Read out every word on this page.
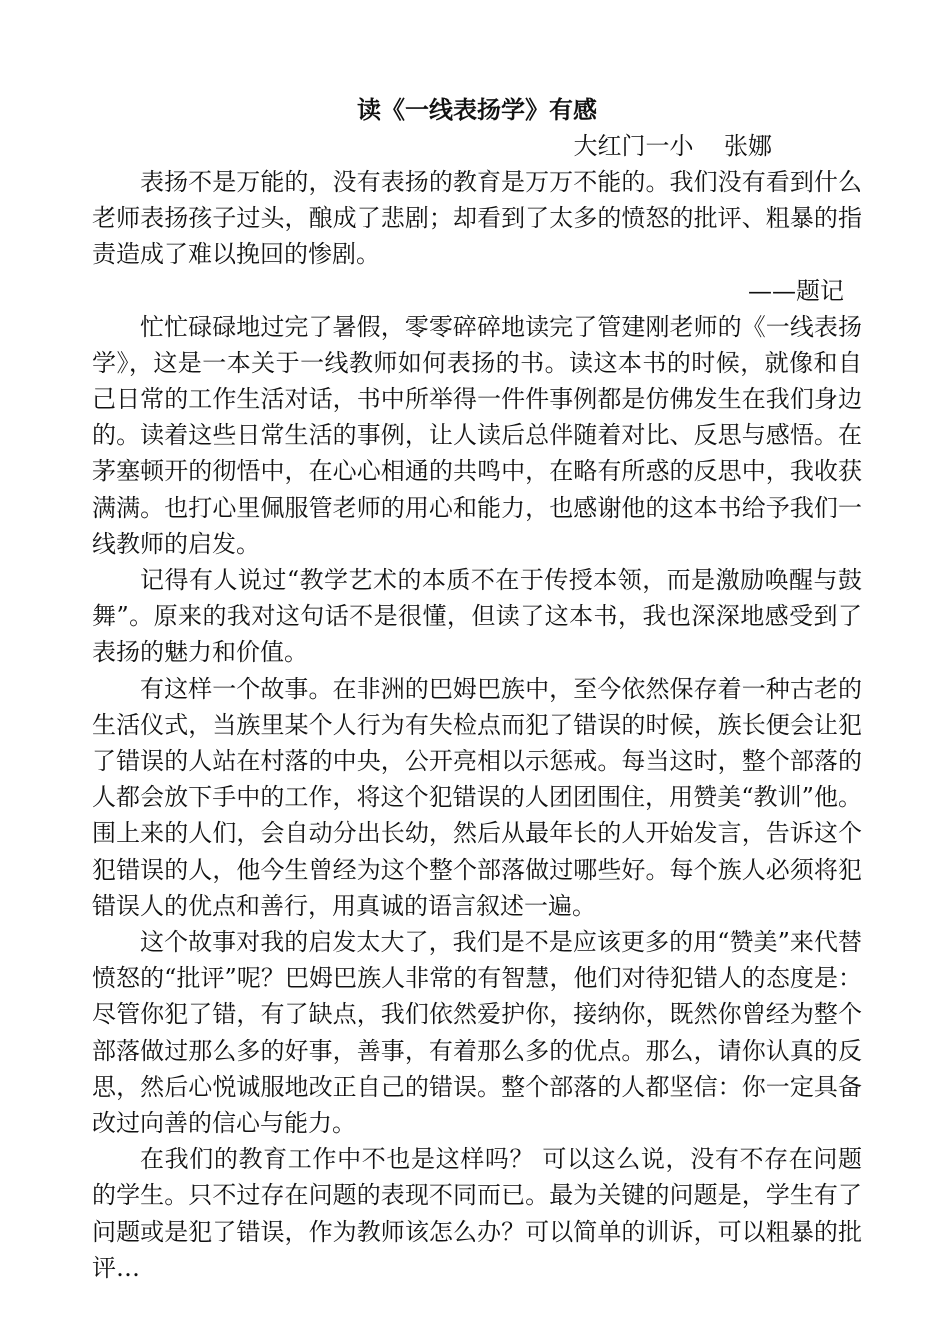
读《一线表扬学》有感

大红门一小    张娜

表扬不是万能的，没有表扬的教育是万万不能的。我们没有看到什么老师表扬孩子过头，酿成了悲剧；却看到了太多的愤怒的批评、粗暴的指责造成了难以挽回的惨剧。

——题记

忙忙碌碌地过完了暑假，零零碎碎地读完了管建刚老师的《一线表扬学》，这是一本关于一线教师如何表扬的书。读这本书的时候，就像和自己日常的工作生活对话，书中所举得一件件事例都是仿佛发生在我们身边的。读着这些日常生活的事例，让人读后总伴随着对比、反思与感悟。在茅塞顿开的彻悟中，在心心相通的共鸣中，在略有所惑的反思中，我收获满满。也打心里佩服管老师的用心和能力，也感谢他的这本书给予我们一线教师的启发。

记得有人说过“教学艺术的本质不在于传授本领，而是激励唤醒与鼓舞”。原来的我对这句话不是很懂，但读了这本书，我也深深地感受到了表扬的魅力和价值。

有这样一个故事。在非洲的巴姆巴族中，至今依然保存着一种古老的生活仪式，当族里某个人行为有失检点而犯了错误的时候，族长便会让犯了错误的人站在村落的中央，公开亮相以示惩戒。每当这时，整个部落的人都会放下手中的工作，将这个犯错误的人团团围住，用赞美“教训”他。围上来的人们，会自动分出长幼，然后从最年长的人开始发言，告诉这个犯错误的人，他今生曾经为这个整个部落做过哪些好。每个族人必须将犯错误人的优点和善行，用真诚的语言叙述一遍。

这个故事对我的启发太大了，我们是不是应该更多的用“赞美”来代替愤怒的“批评”呢？巴姆巴族人非常的有智慧，他们对待犯错人的态度是：尽管你犯了错，有了缺点，我们依然爱护你，接纳你，既然你曾经为整个部落做过那么多的好事，善事，有着那么多的优点。那么，请你认真的反思，然后心悦诚服地改正自己的错误。整个部落的人都坚信：你一定具备改过向善的信心与能力。

在我们的教育工作中不也是这样吗？ 可以这么说，没有不存在问题的学生。只不过存在问题的表现不同而已。最为关键的问题是，学生有了问题或是犯了错误，作为教师该怎么办？可以简单的训诉，可以粗暴的批评…
